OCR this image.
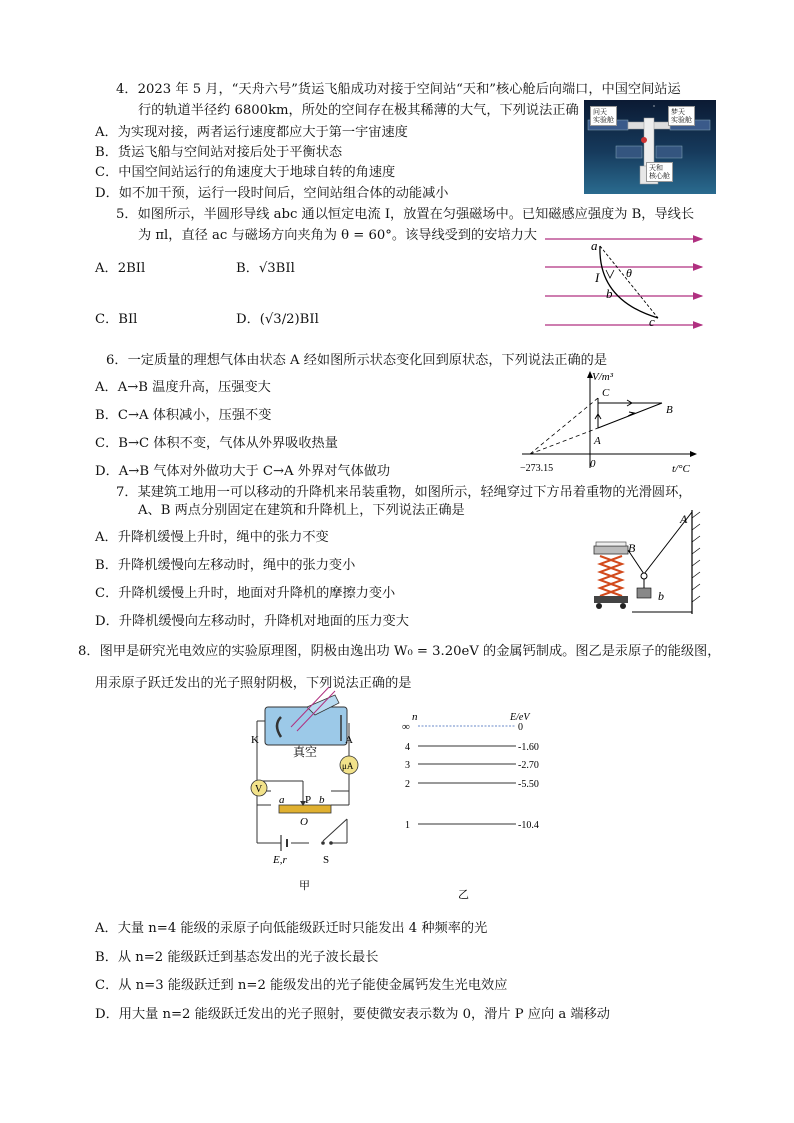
4．2023 年 5 月，“天舟六号”货运飞船成功对接于空间站“天和”核心舱后向端口，中国空间站运
行的轨道半径约 6800km，所处的空间存在极其稀薄的大气，下列说法正确
A．为实现对接，两者运行速度都应大于第一宇宙速度
B．货运飞船与空间站对接后处于平衡状态
C．中国空间站运行的角速度大于地球自转的角速度
D．如不加干预，运行一段时间后，空间站组合体的动能减小
问天
实验舱
梦天
实验舱
天和
核心舱
5．如图所示，半圆形导线 abc 通以恒定电流 I，放置在匀强磁场中。已知磁感应强度为 B，导线长
为 πl，直径 ac 与磁场方向夹角为 θ = 60°。该导线受到的安培力大
A．2BIl	B．√3BIl
C．BIl	D．(√3/2)BIl
a
I θ
b
c
6．一定质量的理想气体由状态 A 经如图所示状态变化回到原状态，下列说法正确的是
A．A→B 温度升高，压强变大
B．C→A 体积减小，压强不变
C．B→C 体积不变，气体从外界吸收热量
D．A→B 气体对外做功大于 C→A 外界对气体做功
V/m³
C
B
A
0
−273.15	t/°C
7．某建筑工地用一可以移动的升降机来吊装重物，如图所示，轻绳穿过下方吊着重物的光滑圆环，
A、B 两点分别固定在建筑和升降机上，下列说法正确是
A．升降机缓慢上升时，绳中的张力不变
B．升降机缓慢向左移动时，绳中的张力变小
C．升降机缓慢上升时，地面对升降机的摩擦力变小
D．升降机缓慢向左移动时，升降机对地面的压力变大
B
A
b
8．图甲是研究光电效应的实验原理图，阴极由逸出功 W₀ = 3.20eV 的金属钙制成。图乙是汞原子的能级图，
用汞原子跃迁发出的光子照射阴极，下列说法正确的是
K	A
真空
V
μA
a P b
O
E,r	S
甲
n	E/eV
∞	0
4	-1.60
3	-2.70
2	-5.50
1	-10.4
乙
A．大量 n=4 能级的汞原子向低能级跃迁时只能发出 4 种频率的光
B．从 n=2 能级跃迁到基态发出的光子波长最长
C．从 n=3 能级跃迁到 n=2 能级发出的光子能使金属钙发生光电效应
D．用大量 n=2 能级跃迁发出的光子照射，要使微安表示数为 0，滑片 P 应向 a 端移动
